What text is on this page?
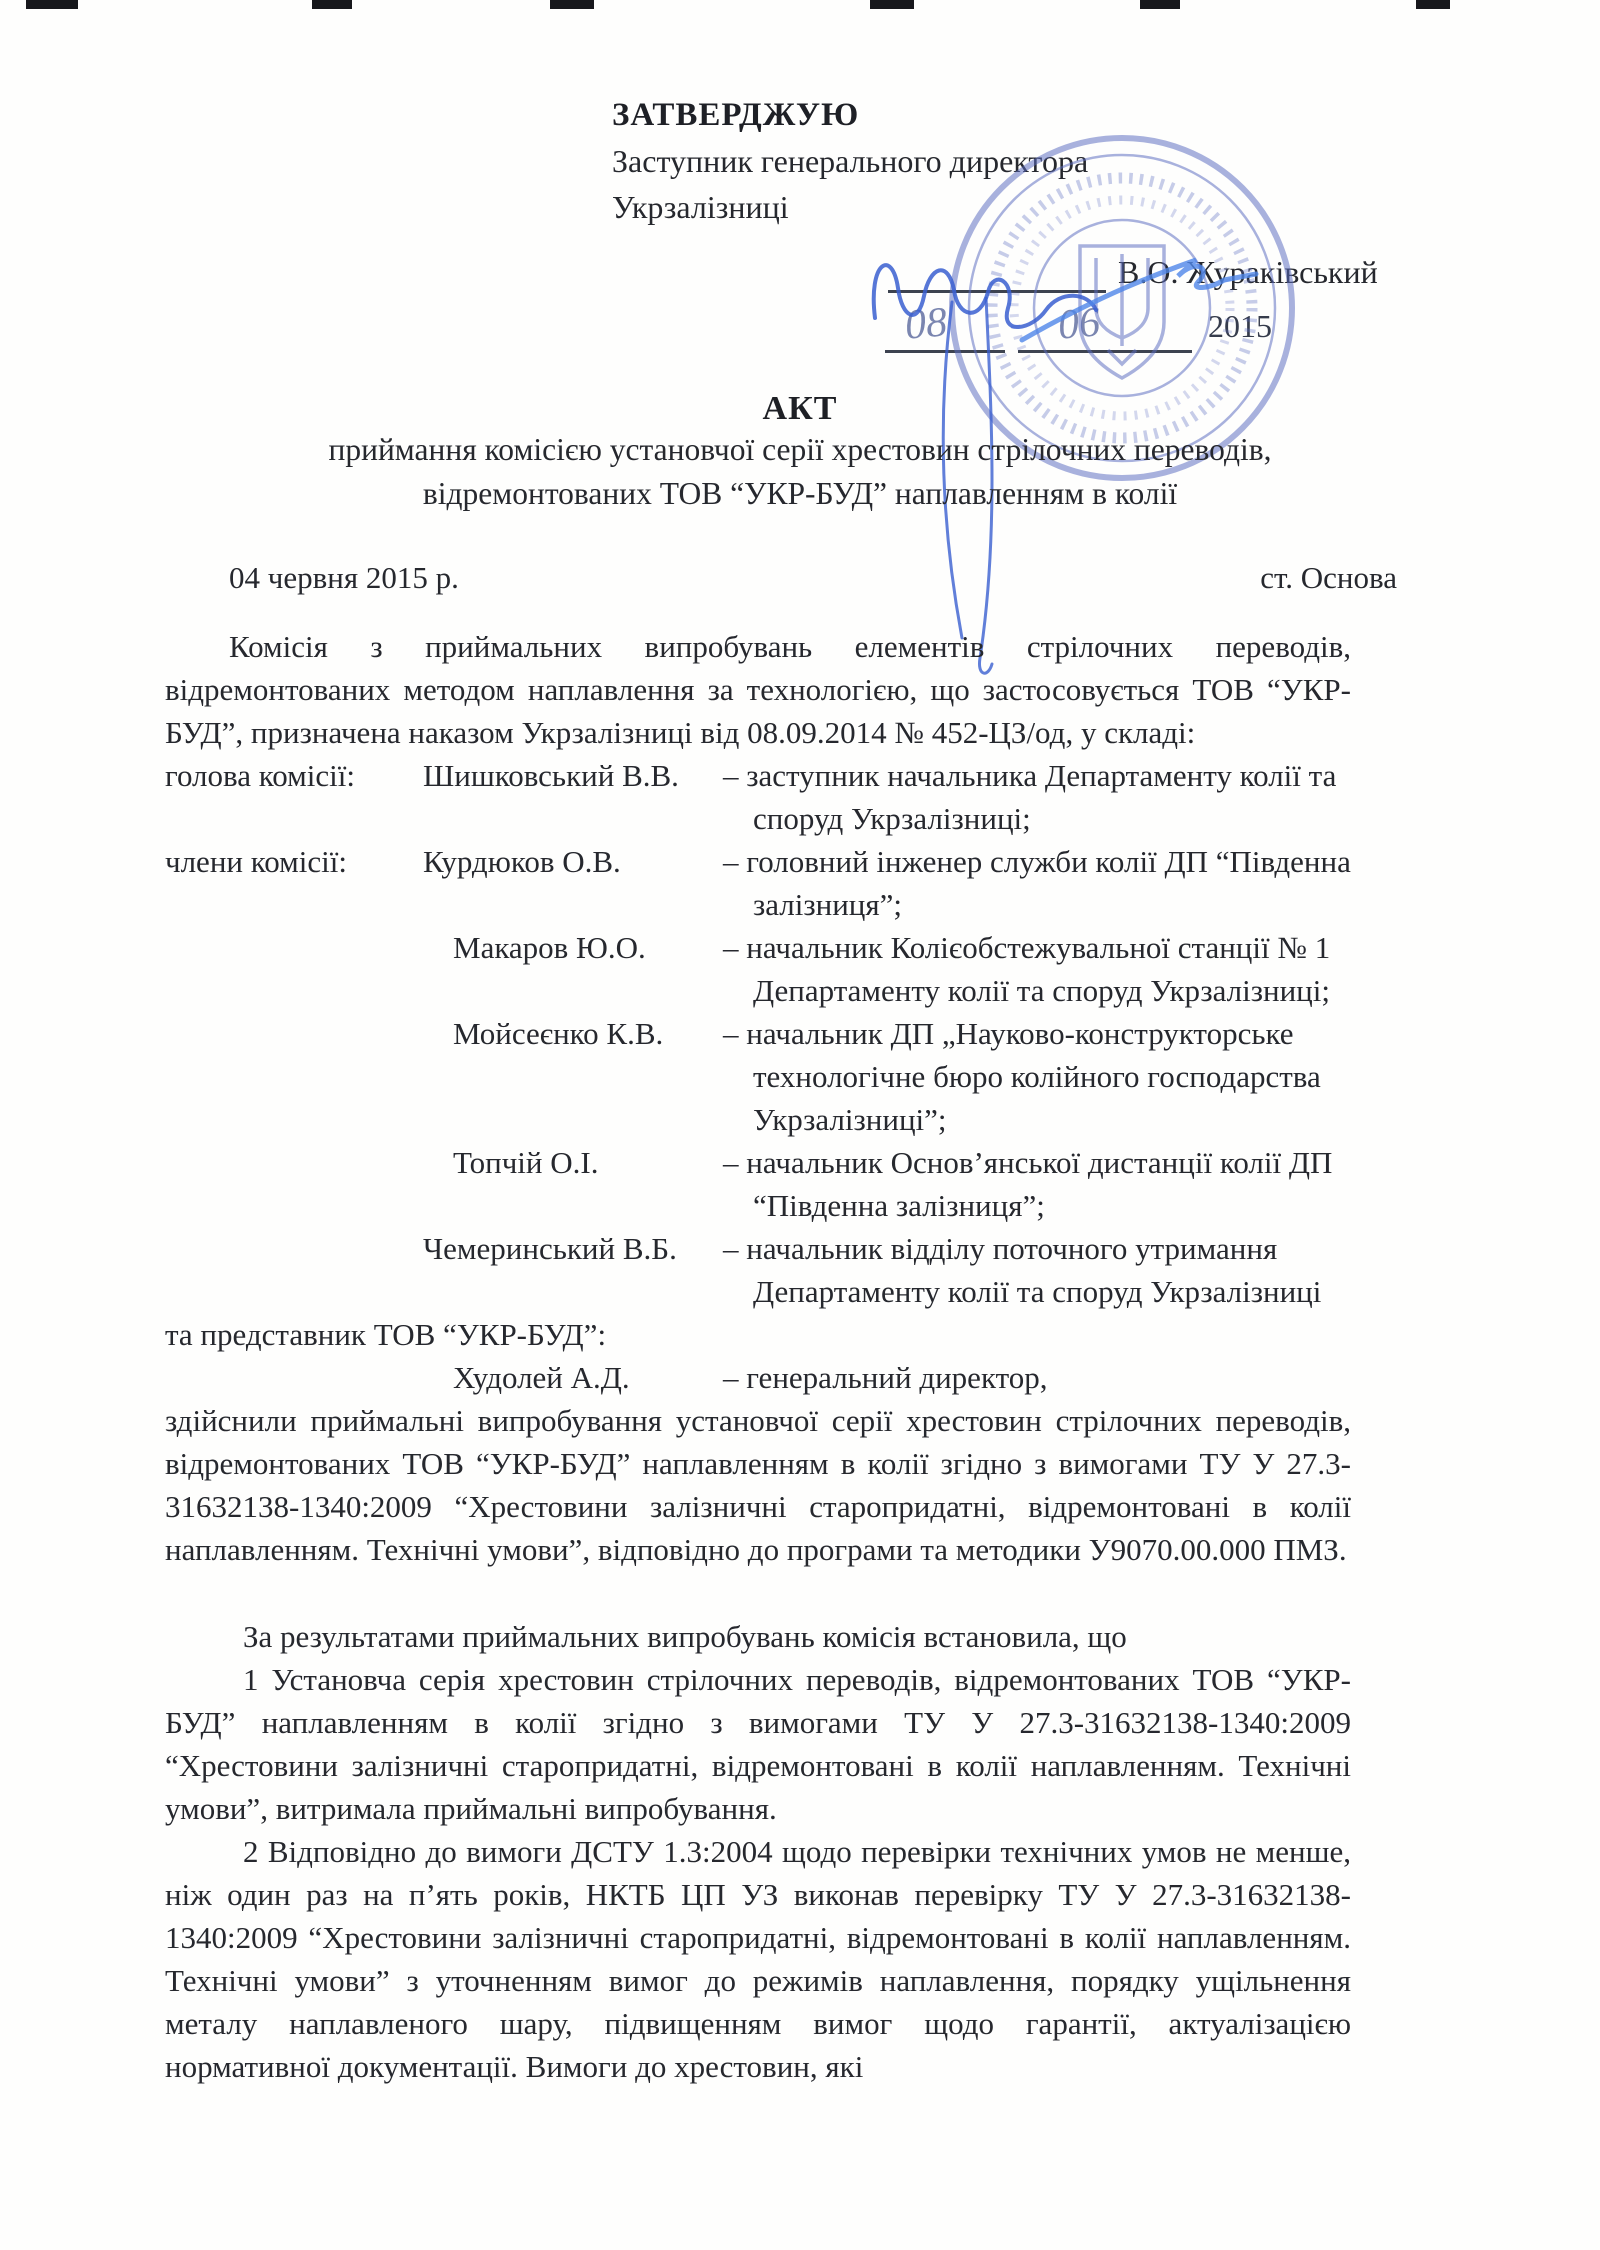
ЗАТВЕРДЖУЮ
Заступник генерального директора
Укрзалізниці
В.О. Жураківський
08	06	2015
АКТ
приймання комісією установчої серії хрестовин стрілочних переводів,
відремонтованих ТОВ “УКР-БУД” наплавленням в колії
04 червня 2015 р.	ст. Основа
Комісія з приймальних випробувань елементів стрілочних переводів, відремонтованих методом наплавлення за технологією, що застосовується ТОВ “УКР-БУД”, призначена наказом Укрзалізниці від 08.09.2014 № 452-ЦЗ/од, у складі:
голова комісії:	Шишковський В.В.	– заступник начальника Департаменту колії та споруд Укрзалізниці;
члени комісії:	Курдюков О.В.	– головний інженер служби колії ДП “Південна залізниця”;
Макаров Ю.О.	– начальник Колієобстежувальної станції № 1 Департаменту колії та споруд Укрзалізниці;
Мойсеєнко К.В.	– начальник ДП „Науково-конструкторське технологічне бюро колійного господарства Укрзалізниці”;
Топчій О.І.	– начальник Основ’янської дистанції колії ДП “Південна залізниця”;
Чемеринський В.Б.	– начальник відділу поточного утримання Департаменту колії та споруд Укрзалізниці
та представник ТОВ “УКР-БУД”:
Худолей А.Д.	– генеральний директор,
здійснили приймальні випробування установчої серії хрестовин стрілочних переводів, відремонтованих ТОВ “УКР-БУД” наплавленням в колії згідно з вимогами ТУ У 27.3-31632138-1340:2009 “Хрестовини залізничні старопридатні, відремонтовані в колії наплавленням. Технічні умови”, відповідно до програми та методики У9070.00.000 ПМЗ.
За результатами приймальних випробувань комісія встановила, що
1 Установча серія хрестовин стрілочних переводів, відремонтованих ТОВ “УКР-БУД” наплавленням в колії згідно з вимогами ТУ У 27.3-31632138-1340:2009 “Хрестовини залізничні старопридатні, відремонтовані в колії наплавленням. Технічні умови”, витримала приймальні випробування.
2 Відповідно до вимоги ДСТУ 1.3:2004 щодо перевірки технічних умов не менше, ніж один раз на п’ять років, НКТБ ЦП УЗ виконав перевірку ТУ У 27.3-31632138-1340:2009 “Хрестовини залізничні старопридатні, відремонтовані в колії наплавленням. Технічні умови” з уточненням вимог до режимів наплавлення, порядку ущільнення металу наплавленого шару, підвищенням вимог щодо гарантії, актуалізацією нормативної документації. Вимоги до хрестовин, які
